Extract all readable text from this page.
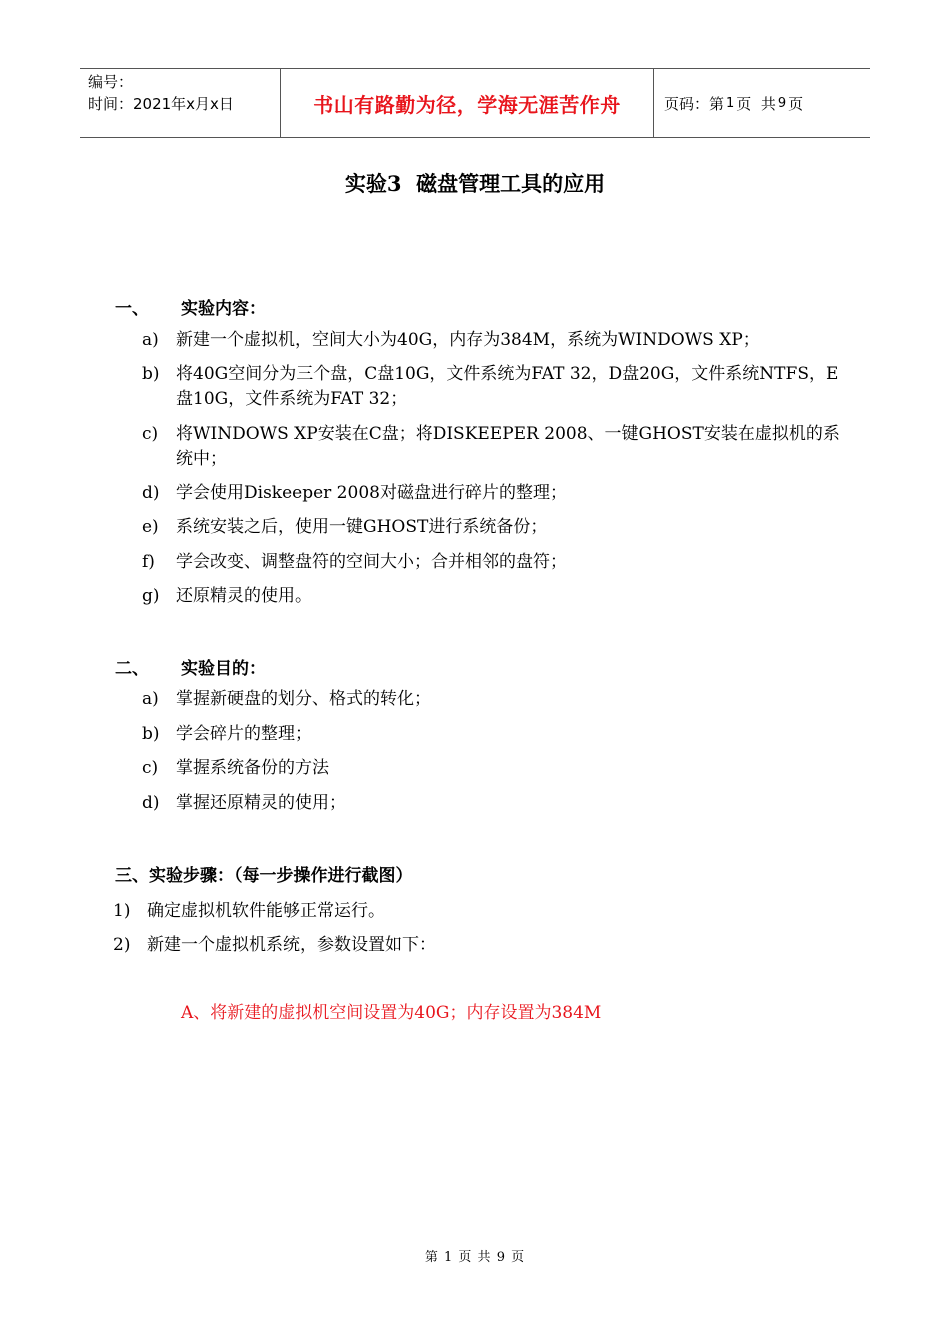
编号：
时间：2021年x月x日	书山有路勤为径，学海无涯苦作舟	页码：第 1 页  共 9 页
实验3  磁盘管理工具的应用
一、 实验内容：
a) 新建一个虚拟机，空间大小为40G，内存为384M，系统为WINDOWS XP；
b) 将40G空间分为三个盘，C盘10G，文件系统为FAT 32，D盘20G，文件系统NTFS，E盘10G，文件系统为FAT 32；
c) 将WINDOWS XP安装在C盘；将DISKEEPER 2008、一键GHOST安装在虚拟机的系统中；
d) 学会使用Diskeeper 2008对磁盘进行碎片的整理；
e) 系统安装之后，使用一键GHOST进行系统备份；
f) 学会改变、调整盘符的空间大小；合并相邻的盘符；
g) 还原精灵的使用。
二、 实验目的：
a) 掌握新硬盘的划分、格式的转化；
b) 学会碎片的整理；
c) 掌握系统备份的方法
d) 掌握还原精灵的使用；
三、实验步骤：（每一步操作进行截图）
1) 确定虚拟机软件能够正常运行。
2) 新建一个虚拟机系统，参数设置如下：
A、将新建的虚拟机空间设置为40G；内存设置为384M
第 1 页 共 9 页
